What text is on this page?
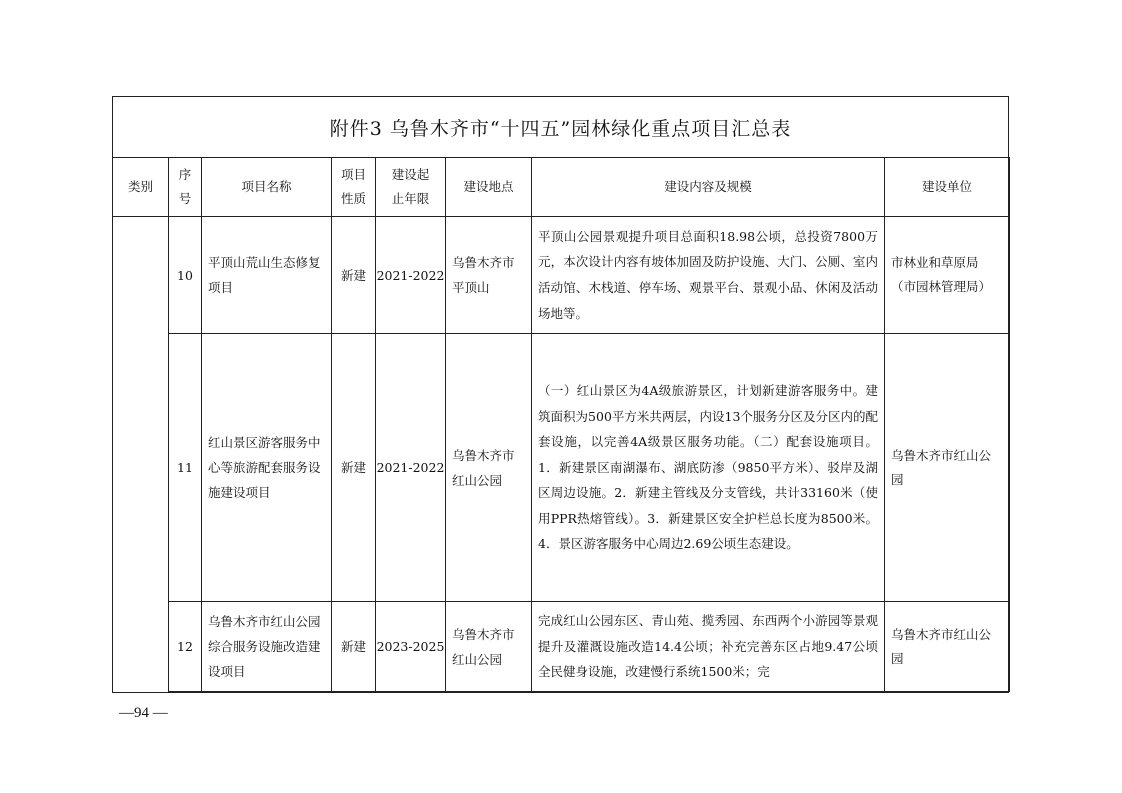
附件3 乌鲁木齐市“十四五”园林绿化重点项目汇总表
类别	序号	项目名称	项目性质	建设起止年限	建设地点	建设内容及规模	建设单位
	10	平顶山荒山生态修复项目	新建	2021-2022	乌鲁木齐市平顶山	平顶山公园景观提升项目总面积18.98公顷，总投资7800万元，本次设计内容有坡体加固及防护设施、大门、公厕、室内活动馆、木栈道、停车场、观景平台、景观小品、休闲及活动场地等。	市林业和草原局（市园林管理局）
	11	红山景区游客服务中心等旅游配套服务设施建设项目	新建	2021-2022	乌鲁木齐市红山公园	（一）红山景区为4A级旅游景区，计划新建游客服务中。建筑面积为500平方米共两层，内设13个服务分区及分区内的配套设施，以完善4A级景区服务功能。（二）配套设施项目。1．新建景区南湖瀑布、湖底防渗（9850平方米）、驳岸及湖区周边设施。2．新建主管线及分支管线，共计33160米（使用PPR热熔管线）。3．新建景区安全护栏总长度为8500米。4．景区游客服务中心周边2.69公顷生态建设。	乌鲁木齐市红山公园
	12	乌鲁木齐市红山公园综合服务设施改造建设项目	新建	2023-2025	乌鲁木齐市红山公园	完成红山公园东区、青山苑、揽秀园、东西两个小游园等景观提升及灌溉设施改造14.4公顷；补充完善东区占地9.47公顷全民健身设施，改建慢行系统1500米；完	乌鲁木齐市红山公园
—94 —
